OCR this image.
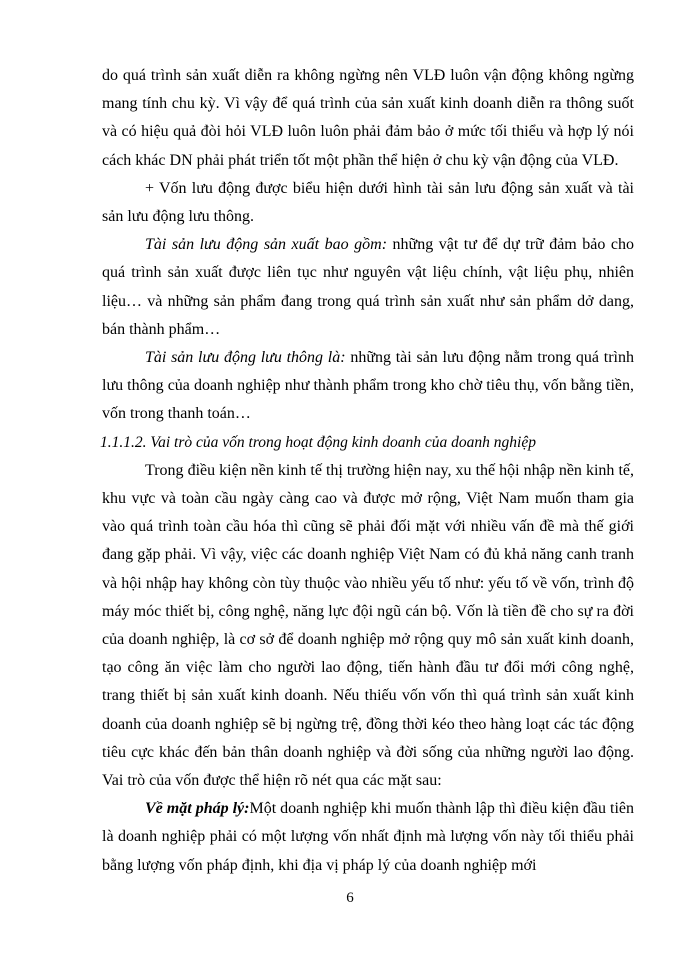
do quá trình sản xuất diễn ra không ngừng nên VLĐ luôn vận động không ngừng mang tính chu kỳ. Vì vậy để quá trình của sản xuất kinh doanh diễn ra thông suốt và có hiệu quả đòi hỏi VLĐ luôn luôn phải đảm bảo ở mức tối thiểu và hợp lý nói cách khác DN phải phát triển tốt một phần thể hiện ở chu kỳ vận động của VLĐ.

+ Vốn lưu động được biểu hiện dưới hình tài sản lưu động sản xuất và tài sản lưu động lưu thông.

Tài sản lưu động sản xuất bao gồm: những vật tư để dự trữ đảm bảo cho quá trình sản xuất được liên tục như nguyên vật liệu chính, vật liệu phụ, nhiên liệu… và những sản phẩm đang trong quá trình sản xuất như sản phẩm dở dang, bán thành phẩm…

Tài sản lưu động lưu thông là: những tài sản lưu động nằm trong quá trình lưu thông của doanh nghiệp như thành phẩm trong kho chờ tiêu thụ, vốn bằng tiền, vốn trong thanh toán…

1.1.1.2. Vai trò của vốn trong hoạt động kinh doanh của doanh nghiệp

Trong điều kiện nền kinh tế thị trường hiện nay, xu thế hội nhập nền kinh tế, khu vực và toàn cầu ngày càng cao và được mở rộng, Việt Nam muốn tham gia vào quá trình toàn cầu hóa thì cũng sẽ phải đối mặt với nhiều vấn đề mà thế giới đang gặp phải. Vì vậy, việc các doanh nghiệp Việt Nam có đủ khả năng canh tranh và hội nhập hay không còn tùy thuộc vào nhiều yếu tố như: yếu tố về vốn, trình độ máy móc thiết bị, công nghệ, năng lực đội ngũ cán bộ. Vốn là tiền đề cho sự ra đời của doanh nghiệp, là cơ sở để doanh nghiệp mở rộng quy mô sản xuất kinh doanh, tạo công ăn việc làm cho người lao động, tiến hành đầu tư đổi mới công nghệ, trang thiết bị sản xuất kinh doanh. Nếu thiếu vốn vốn thì quá trình sản xuất kinh doanh của doanh nghiệp sẽ bị ngừng trệ, đồng thời kéo theo hàng loạt các tác động tiêu cực khác đến bản thân doanh nghiệp và đời sống của những người lao động. Vai trò của vốn được thể hiện rõ nét qua các mặt sau:

Về mặt pháp lý:Một doanh nghiệp khi muốn thành lập thì điều kiện đầu tiên là doanh nghiệp phải có một lượng vốn nhất định mà lượng vốn này tối thiểu phải bằng lượng vốn pháp định, khi địa vị pháp lý của doanh nghiệp mới

6
